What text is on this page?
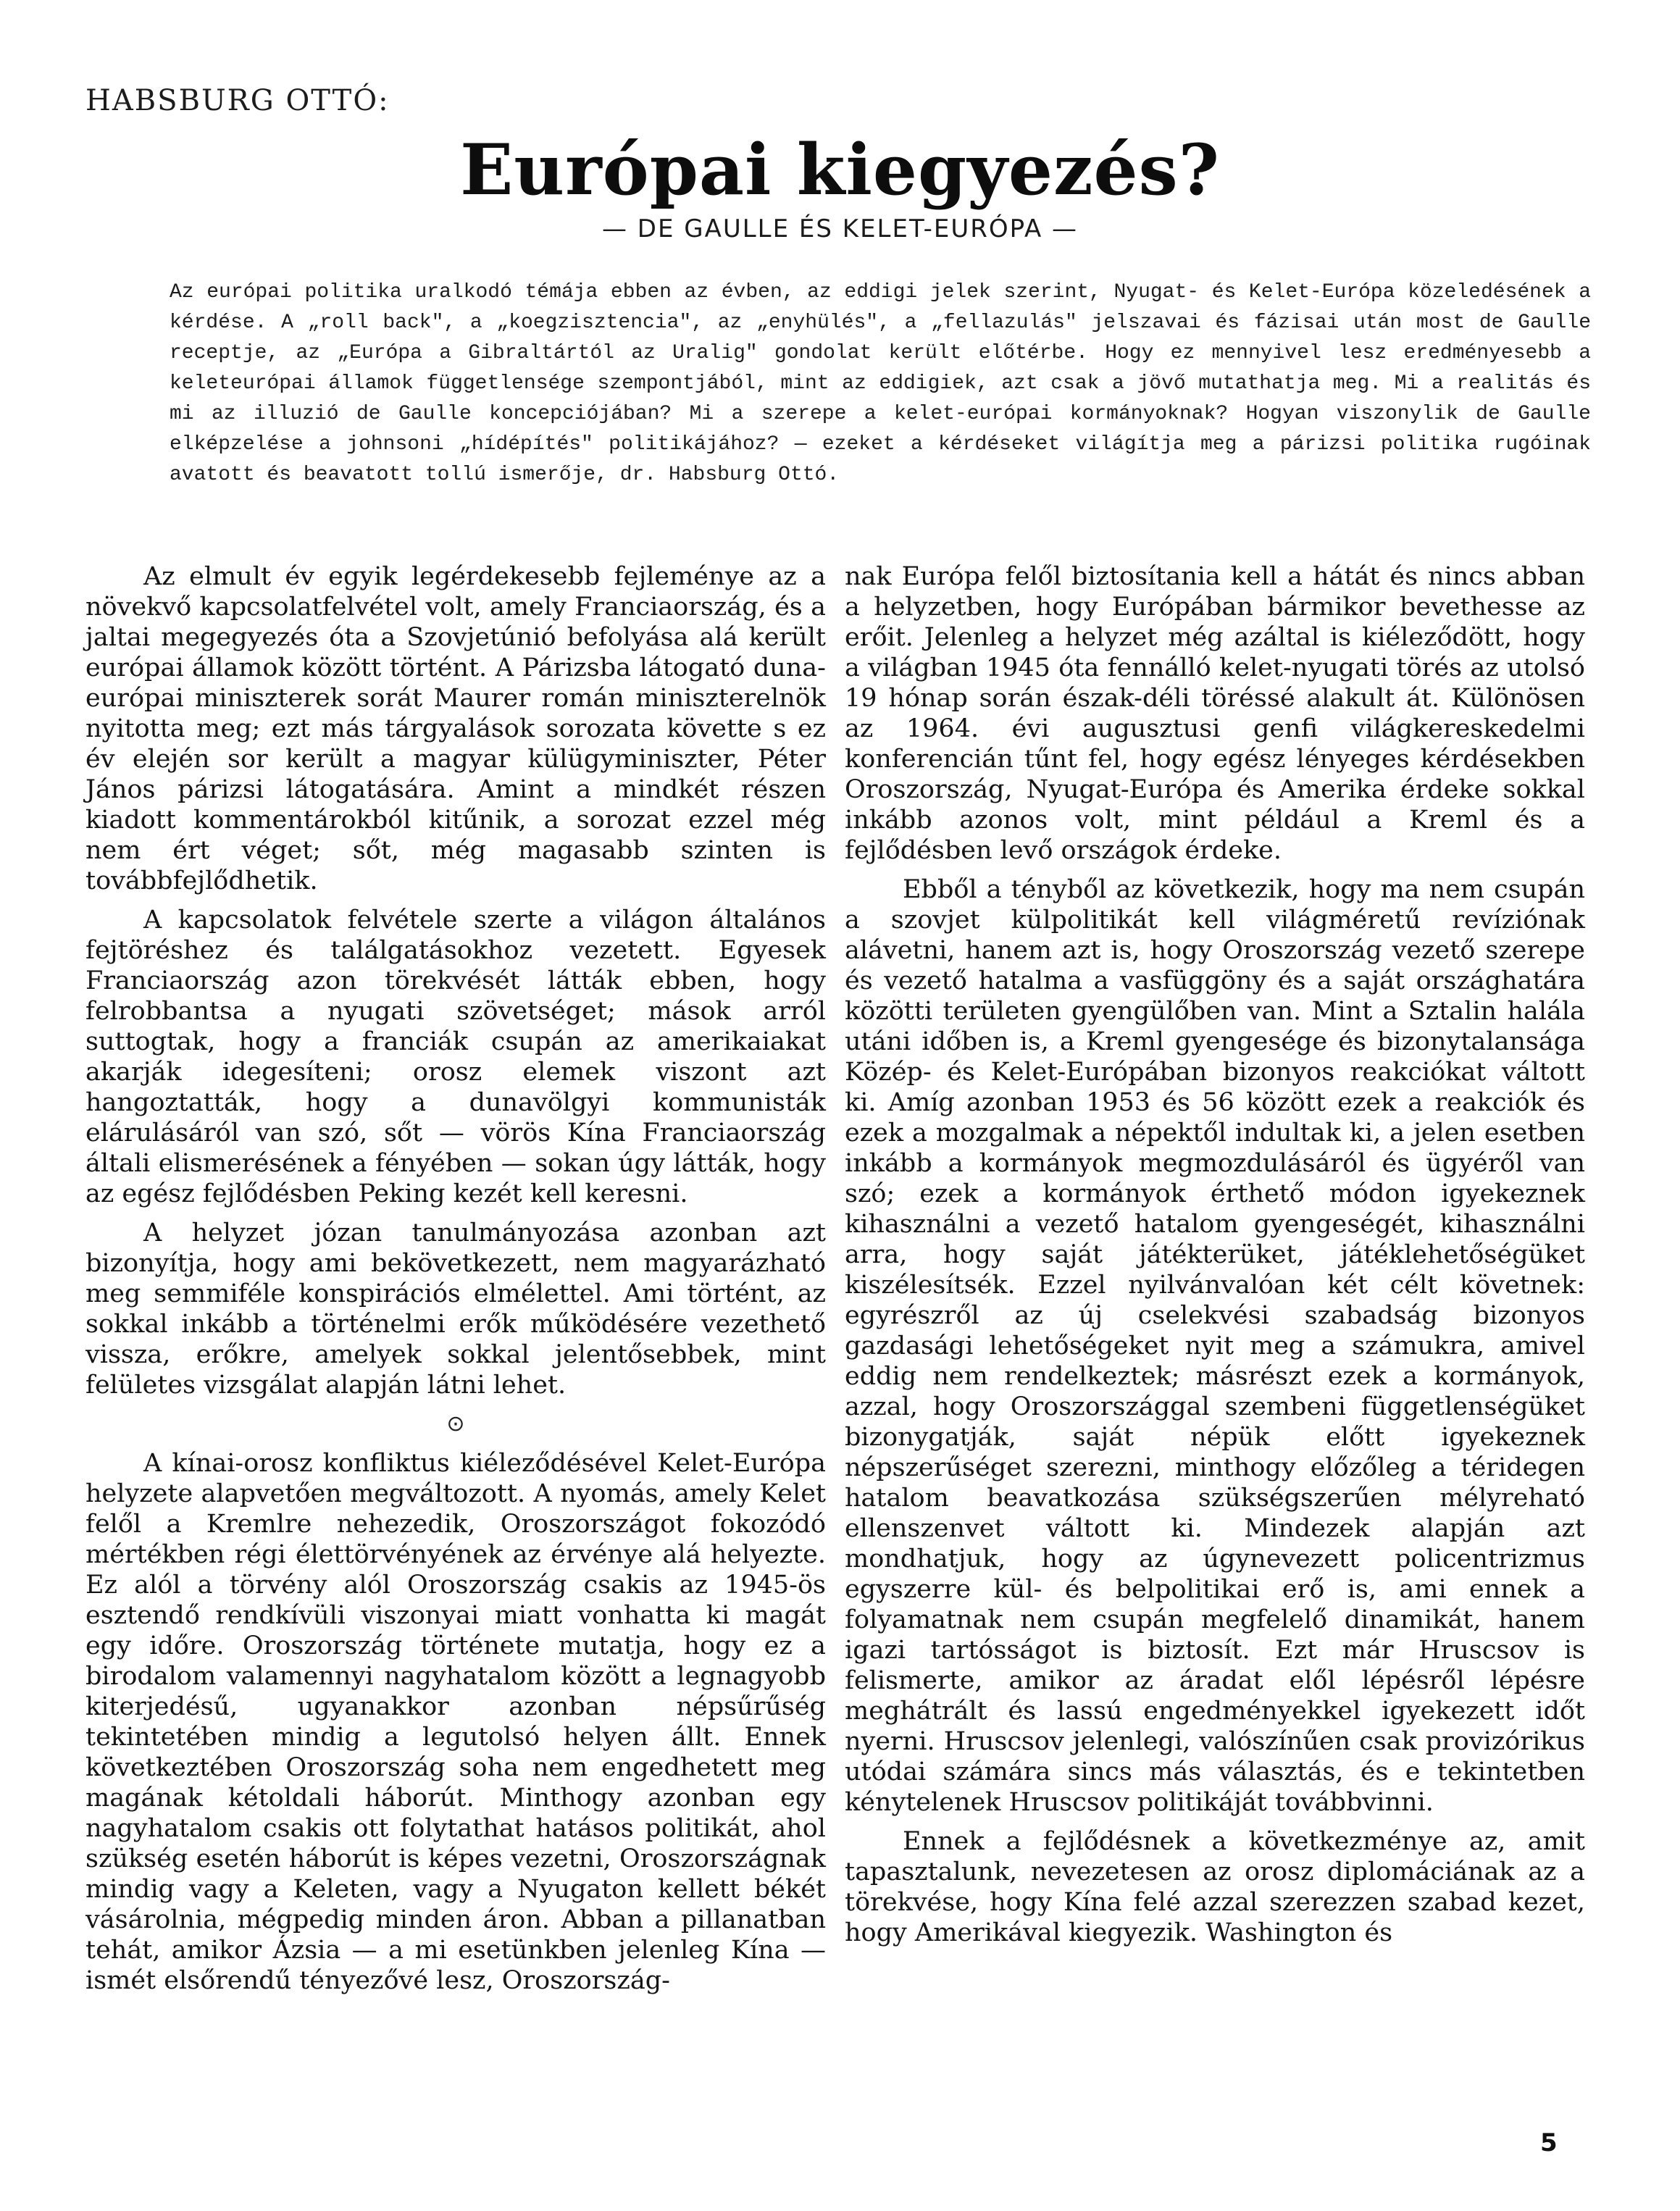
HABSBURG OTTÓ:
Európai kiegyezés?
— DE GAULLE ÉS KELET-EURÓPA —

Az európai politika uralkodó témája ebben az évben, az eddigi jelek szerint, Nyugat- és Kelet-Európa közeledésének a kérdése. A „roll back", a „koegzisztencia", az „enyhülés", a „fellazulás" jelszavai és fázisai után most de Gaulle receptje, az „Európa a Gibraltártól az Uralig" gondolat került előtérbe. Hogy ez mennyivel lesz eredményesebb a keleteurópai államok függetlensége szempontjából, mint az eddigiek, azt csak a jövő mutathatja meg. Mi a realitás és mi az illuzió de Gaulle koncepciójában? Mi a szerepe a kelet-európai kormányoknak? Hogyan viszonylik de Gaulle elképzelése a johnsoni „hídépítés" politikájához? — ezeket a kérdéseket világítja meg a párizsi politika rugóinak avatott és beavatott tollú ismerője, dr. Habsburg Ottó.

Az elmult év egyik legérdekesebb fejleménye az a növekvő kapcsolatfelvétel volt, amely Franciaország, és a jaltai megegyezés óta a Szovjetúnió befolyása alá került európai államok között történt. A Párizsba látogató duna-európai miniszterek sorát Maurer román miniszterelnök nyitotta meg; ezt más tárgyalások sorozata követte s ez év elején sor került a magyar külügyminiszter, Péter János párizsi látogatására. Amint a mindkét részen kiadott kommentárokból kitűnik, a sorozat ezzel még nem ért véget; sőt, még magasabb szinten is továbbfejlődhetik.

A kapcsolatok felvétele szerte a világon általános fejtöréshez és találgatásokhoz vezetett. Egyesek Franciaország azon törekvését látták ebben, hogy felrobbantsa a nyugati szövetséget; mások arról suttogtak, hogy a franciák csupán az amerikaiakat akarják idegesíteni; orosz elemek viszont azt hangoztatták, hogy a dunavölgyi kommunisták elárulásáról van szó, sőt — vörös Kína Franciaország általi elismerésének a fényében — sokan úgy látták, hogy az egész fejlődésben Peking kezét kell keresni.

A helyzet józan tanulmányozása azonban azt bizonyítja, hogy ami bekövetkezett, nem magyarázható meg semmiféle konspirációs elmélettel. Ami történt, az sokkal inkább a történelmi erők működésére vezethető vissza, erőkre, amelyek sokkal jelentősebbek, mint felületes vizsgálat alapján látni lehet.

⊙

A kínai-orosz konfliktus kiéleződésével Kelet-Európa helyzete alapvetően megváltozott. A nyomás, amely Kelet felől a Kremlre nehezedik, Oroszországot fokozódó mértékben régi élettörvényének az érvénye alá helyezte. Ez alól a törvény alól Oroszország csakis az 1945-ös esztendő rendkívüli viszonyai miatt vonhatta ki magát egy időre. Oroszország története mutatja, hogy ez a birodalom valamennyi nagyhatalom között a legnagyobb kiterjedésű, ugyanakkor azonban népsűrűség tekintetében mindig a legutolsó helyen állt. Ennek következtében Oroszország soha nem engedhetett meg magának kétoldali háborút. Minthogy azonban egy nagyhatalom csakis ott folytathat hatásos politikát, ahol szükség esetén háborút is képes vezetni, Oroszországnak mindig vagy a Keleten, vagy a Nyugaton kellett békét vásárolnia, mégpedig minden áron. Abban a pillanatban tehát, amikor Ázsia — a mi esetünkben jelenleg Kína — ismét elsőrendű tényezővé lesz, Oroszország-

nak Európa felől biztosítania kell a hátát és nincs abban a helyzetben, hogy Európában bármikor bevethesse az erőit. Jelenleg a helyzet még azáltal is kiéleződött, hogy a világban 1945 óta fennálló kelet-nyugati törés az utolsó 19 hónap során észak-déli töréssé alakult át. Különösen az 1964. évi augusztusi genfi világkereskedelmi konferencián tűnt fel, hogy egész lényeges kérdésekben Oroszország, Nyugat-Európa és Amerika érdeke sokkal inkább azonos volt, mint például a Kreml és a fejlődésben levő országok érdeke.

Ebből a tényből az következik, hogy ma nem csupán a szovjet külpolitikát kell világméretű revíziónak alávetni, hanem azt is, hogy Oroszország vezető szerepe és vezető hatalma a vasfüggöny és a saját országhatára közötti területen gyengülőben van. Mint a Sztalin halála utáni időben is, a Kreml gyengesége és bizonytalansága Közép- és Kelet-Európában bizonyos reakciókat váltott ki. Amíg azonban 1953 és 56 között ezek a reakciók és ezek a mozgalmak a népektől indultak ki, a jelen esetben inkább a kormányok megmozdulásáról és ügyéről van szó; ezek a kormányok érthető módon igyekeznek kihasználni a vezető hatalom gyengeségét, kihasználni arra, hogy saját játékterüket, játéklehetőségüket kiszélesítsék. Ezzel nyilvánvalóan két célt követnek: egyrészről az új cselekvési szabadság bizonyos gazdasági lehetőségeket nyit meg a számukra, amivel eddig nem rendelkeztek; másrészt ezek a kormányok, azzal, hogy Oroszországgal szembeni függetlenségüket bizonygatják, saját népük előtt igyekeznek népszerűséget szerezni, minthogy előzőleg a téridegen hatalom beavatkozása szükségszerűen mélyreható ellenszenvet váltott ki. Mindezek alapján azt mondhatjuk, hogy az úgynevezett policentrizmus egyszerre kül- és belpolitikai erő is, ami ennek a folyamatnak nem csupán megfelelő dinamikát, hanem igazi tartósságot is biztosít. Ezt már Hruscsov is felismerte, amikor az áradat elől lépésről lépésre meghátrált és lassú engedményekkel igyekezett időt nyerni. Hruscsov jelenlegi, valószínűen csak provizórikus utódai számára sincs más választás, és e tekintetben kénytelenek Hruscsov politikáját továbbvinni.

Ennek a fejlődésnek a következménye az, amit tapasztalunk, nevezetesen az orosz diplomáciának az a törekvése, hogy Kína felé azzal szerezzen szabad kezet, hogy Amerikával kiegyezik. Washington és

5
